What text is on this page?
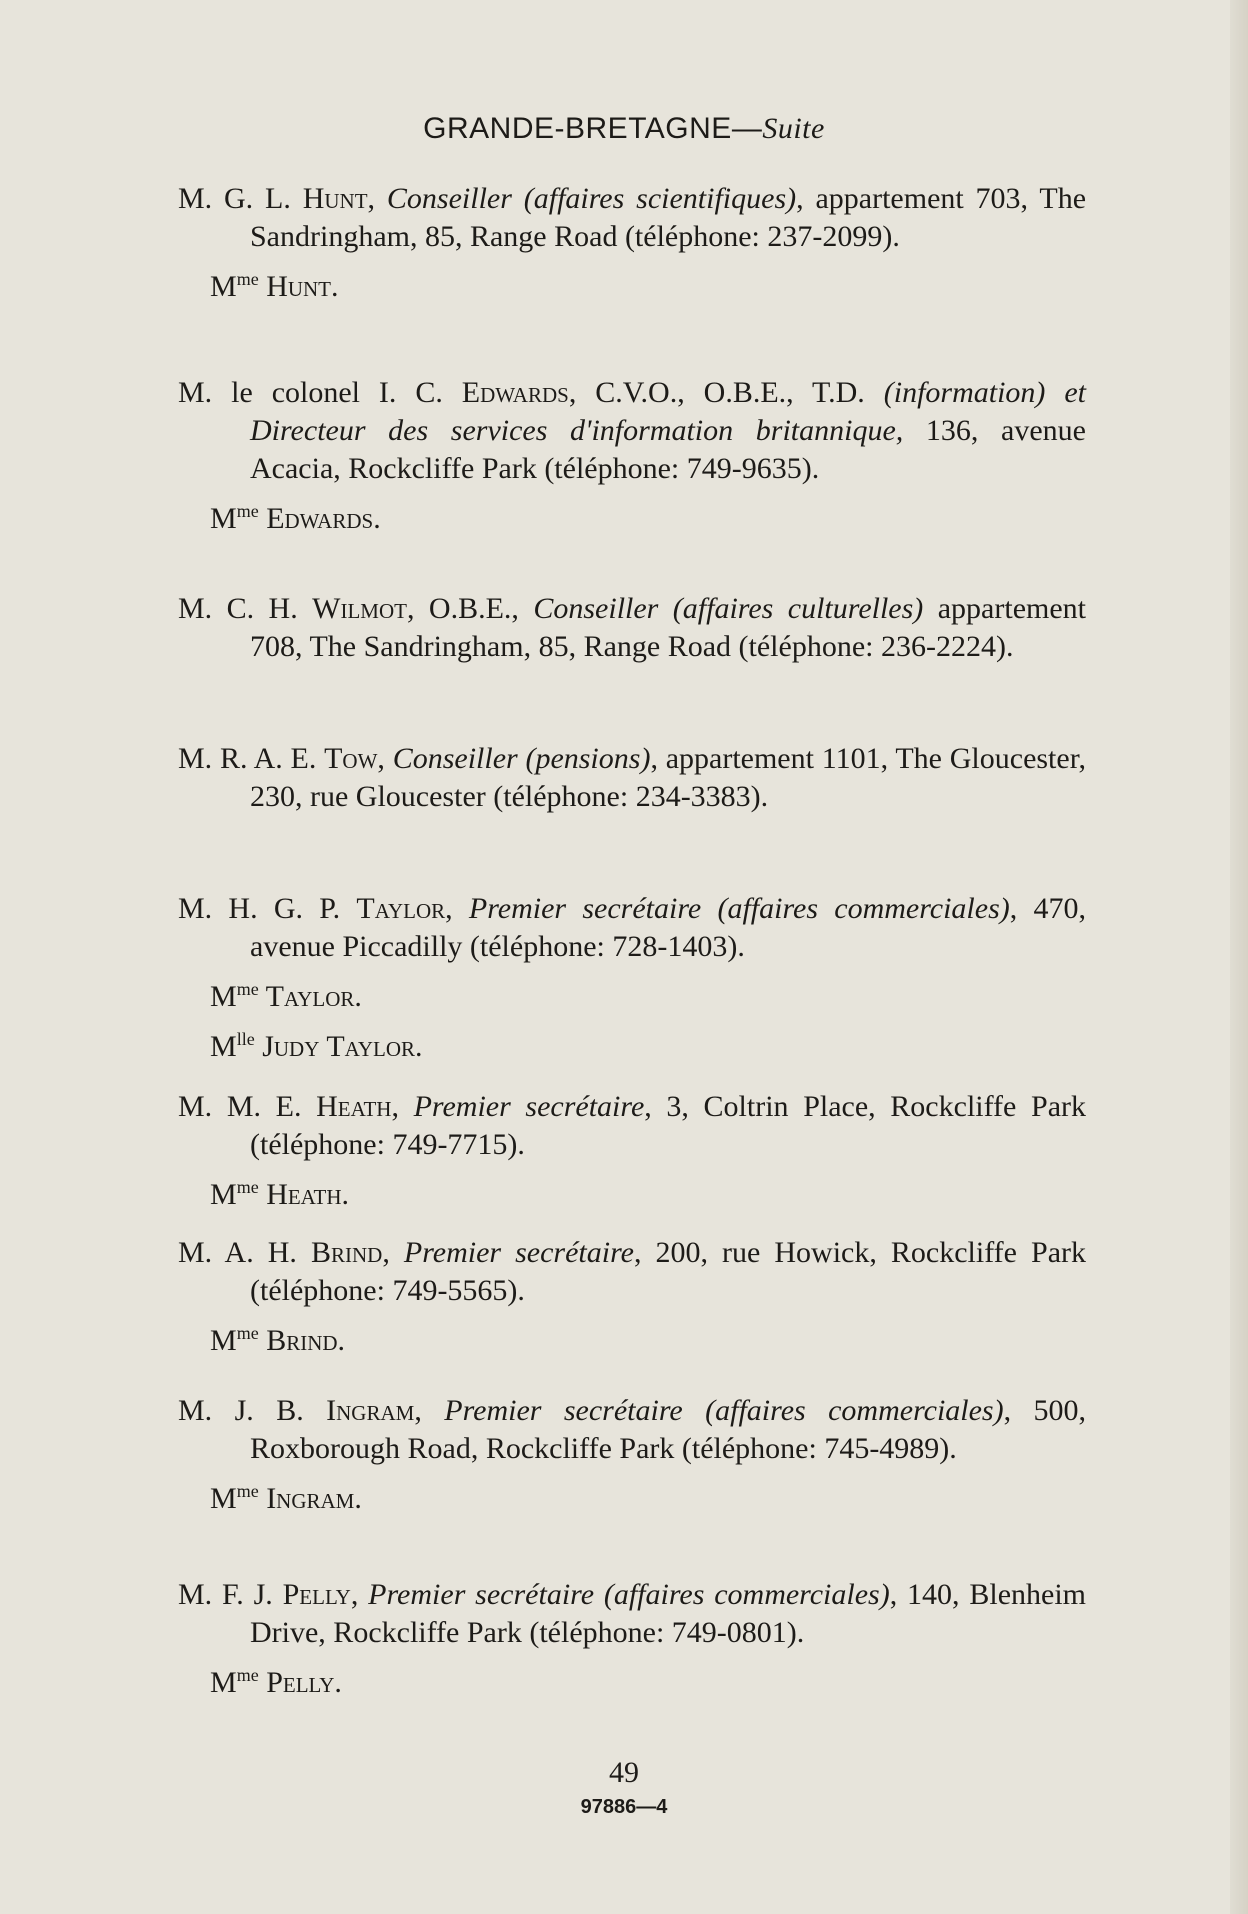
GRANDE-BRETAGNE—Suite
M. G. L. Hunt, Conseiller (affaires scientifiques), appartement 703, The Sandringham, 85, Range Road (téléphone: 237-2099).
$M^{me}$ Hunt.
M. le colonel I. C. Edwards, C.V.O., O.B.E., T.D. (information) et Directeur des services d'information britannique, 136, avenue Acacia, Rockcliffe Park (téléphone: 749-9635).
$M^{me}$ Edwards.
M. C. H. Wilmot, O.B.E., Conseiller (affaires culturelles) appartement 708, The Sandringham, 85, Range Road (téléphone: 236-2224).
M. R. A. E. Tow, Conseiller (pensions), appartement 1101, The Gloucester, 230, rue Gloucester (téléphone: 234-3383).
M. H. G. P. Taylor, Premier secrétaire (affaires commerciales), 470, avenue Piccadilly (téléphone: 728-1403).
$M^{me}$ Taylor.
$M^{lle}$ Judy Taylor.
M. M. E. Heath, Premier secrétaire, 3, Coltrin Place, Rockcliffe Park (téléphone: 749-7715).
$M^{me}$ Heath.
M. A. H. Brind, Premier secrétaire, 200, rue Howick, Rockcliffe Park (téléphone: 749-5565).
$M^{me}$ Brind.
M. J. B. Ingram, Premier secrétaire (affaires commerciales), 500, Roxborough Road, Rockcliffe Park (téléphone: 745-4989).
$M^{me}$ Ingram.
M. F. J. Pelly, Premier secrétaire (affaires commerciales), 140, Blenheim Drive, Rockcliffe Park (téléphone: 749-0801).
$M^{me}$ Pelly.
49
97886—4
